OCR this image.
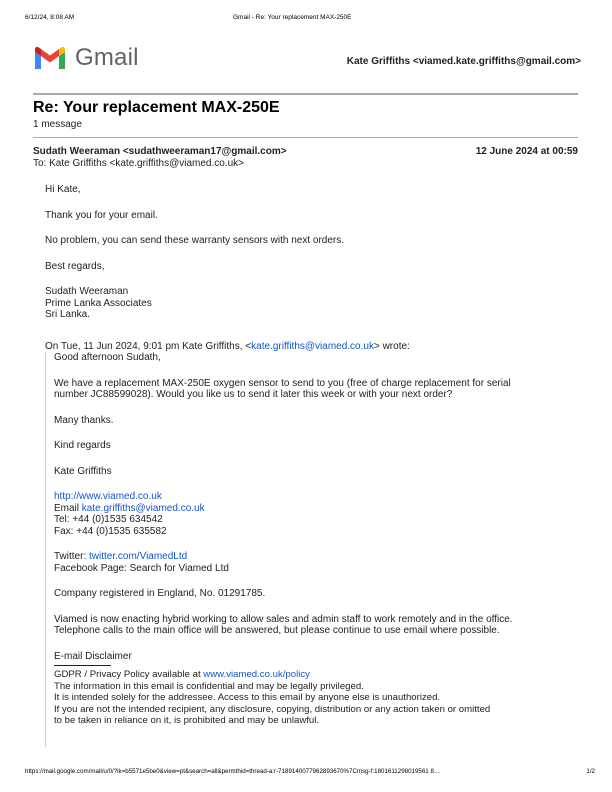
6/12/24, 8:08 AM	Gmail - Re: Your replacement MAX-250E
Gmail	Kate Griffiths <viamed.kate.griffiths@gmail.com>
Re: Your replacement MAX-250E
1 message
Sudath Weeraman <sudathweeraman17@gmail.com>	12 June 2024 at 00:59
To: Kate Griffiths <kate.griffiths@viamed.co.uk>

Hi Kate,

Thank you for your email.

No problem, you can send these warranty sensors with next orders.

Best regards,

Sudath Weeraman
Prime Lanka Associates
Sri Lanka.
On Tue, 11 Jun 2024, 9:01 pm Kate Griffiths, <kate.griffiths@viamed.co.uk> wrote:

Good afternoon Sudath,

We have a replacement MAX-250E oxygen sensor to send to you (free of charge replacement for serial
number JC88599028). Would you like us to send it later this week or with your next order?

Many thanks.

Kind regards

Kate Griffiths

http://www.viamed.co.uk
Email kate.griffiths@viamed.co.uk
Tel: +44 (0)1535 634542
Fax: +44 (0)1535 635582

Twitter: twitter.com/ViamedLtd
Facebook Page: Search for Viamed Ltd

Company registered in England, No. 01291785.

Viamed is now enacting hybrid working to allow sales and admin staff to work remotely and in the office.
Telephone calls to the main office will be answered, but please continue to use email where possible.

E-mail Disclaimer
GDPR / Privacy Policy available at www.viamed.co.uk/policy
The information in this email is confidential and may be legally privileged.
It is intended solely for the addressee. Access to this email by anyone else is unauthorized.
If you are not the intended recipient, any disclosure, copying, distribution or any action taken or omitted
to be taken in reliance on it, is prohibited and may be unlawful.
https://mail.google.com/mail/u/0/?ik=b5571e5be0&view=pt&search=all&permthid=thread-a:r-7189140077962893670%7Cmsg-f:1801611298019561 8…	1/2
